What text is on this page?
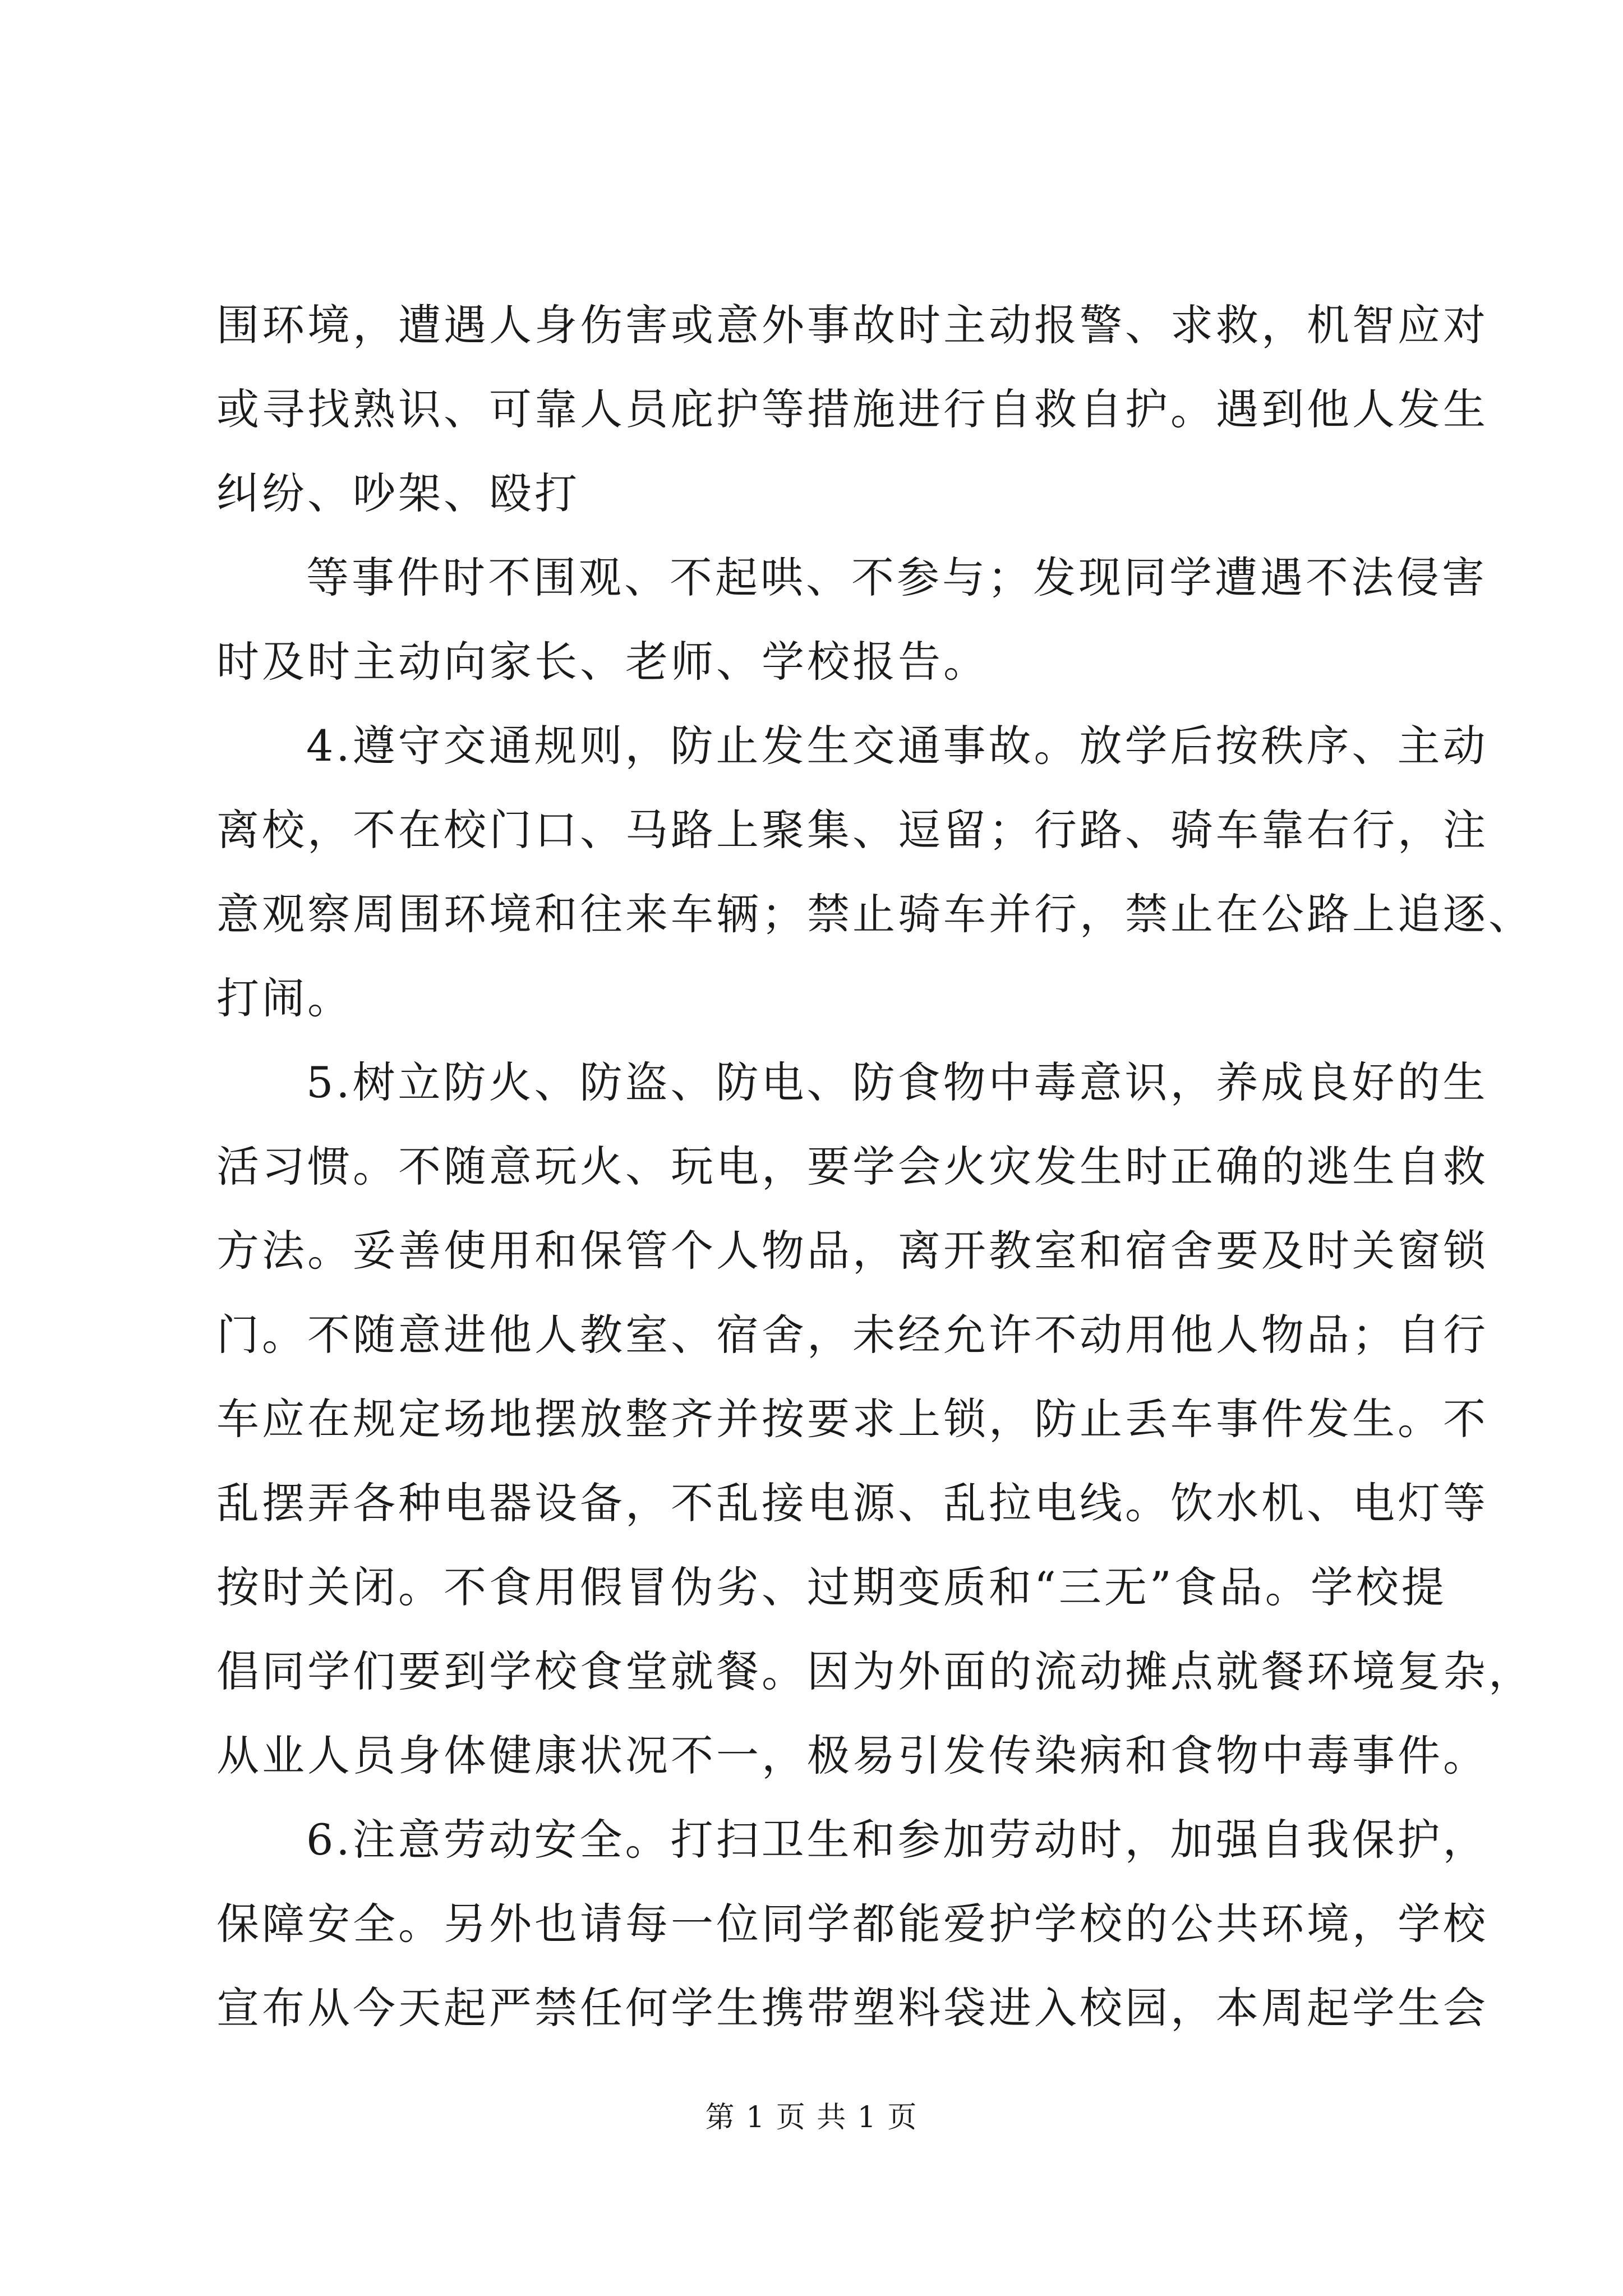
围环境，遭遇人身伤害或意外事故时主动报警、求救，机智应对
或寻找熟识、可靠人员庇护等措施进行自救自护。遇到他人发生
纠纷、吵架、殴打
等事件时不围观、不起哄、不参与；发现同学遭遇不法侵害
时及时主动向家长、老师、学校报告。
4.遵守交通规则，防止发生交通事故。放学后按秩序、主动
离校，不在校门口、马路上聚集、逗留；行路、骑车靠右行，注
意观察周围环境和往来车辆；禁止骑车并行，禁止在公路上追逐、
打闹。
5.树立防火、防盗、防电、防食物中毒意识，养成良好的生
活习惯。不随意玩火、玩电，要学会火灾发生时正确的逃生自救
方法。妥善使用和保管个人物品，离开教室和宿舍要及时关窗锁
门。不随意进他人教室、宿舍，未经允许不动用他人物品；自行
车应在规定场地摆放整齐并按要求上锁，防止丢车事件发生。不
乱摆弄各种电器设备，不乱接电源、乱拉电线。饮水机、电灯等
按时关闭。不食用假冒伪劣、过期变质和“三无”食品。学校提
倡同学们要到学校食堂就餐。因为外面的流动摊点就餐环境复杂，
从业人员身体健康状况不一，极易引发传染病和食物中毒事件。
6.注意劳动安全。打扫卫生和参加劳动时，加强自我保护，
保障安全。另外也请每一位同学都能爱护学校的公共环境，学校
宣布从今天起严禁任何学生携带塑料袋进入校园，本周起学生会
第 1 页 共 1 页
